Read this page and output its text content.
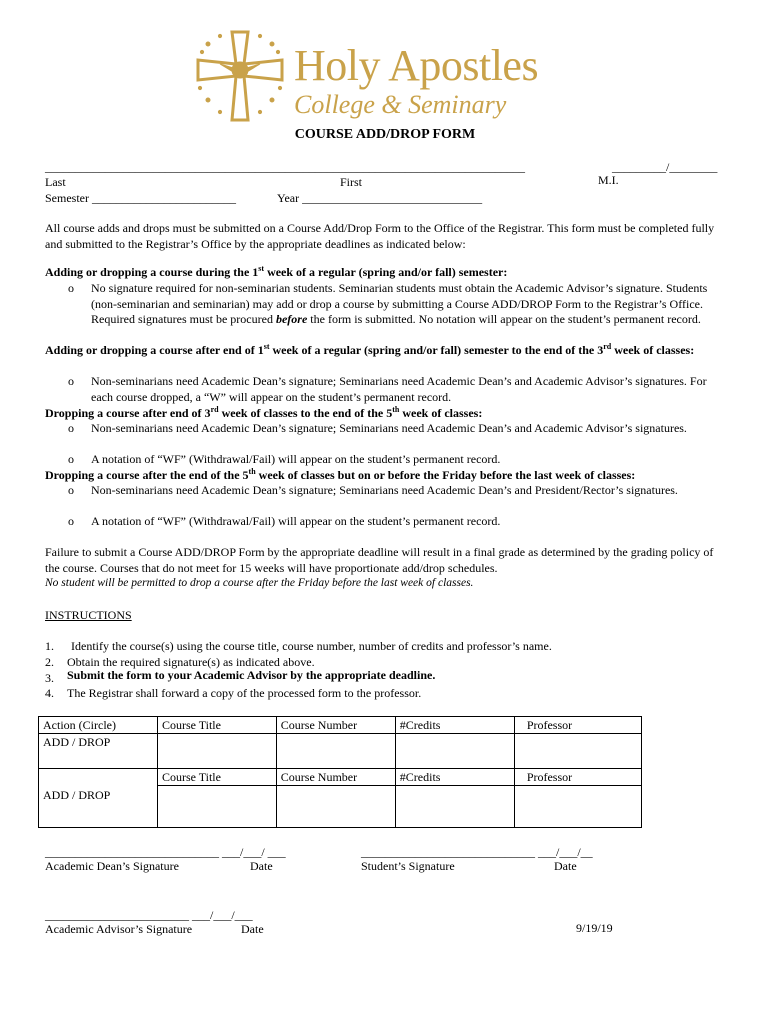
Holy Apostles
College & Seminary
COURSE ADD/DROP FORM
________________________________________________________________________________	_________/________
Last	First	M.I.
Semester ________________________	Year ______________________________
All course adds and drops must be submitted on a Course Add/Drop Form to the Office of the Registrar. This form must be completed fully and submitted to the Registrar’s Office by the appropriate deadlines as indicated below:
Adding or dropping a course during the 1st week of a regular (spring and/or fall) semester:
o No signature required for non-seminarian students. Seminarian students must obtain the Academic Advisor’s signature. Students (non-seminarian and seminarian) may add or drop a course by submitting a Course ADD/DROP Form to the Registrar’s Office. Required signatures must be procured before the form is submitted. No notation will appear on the student’s permanent record.
Adding or dropping a course after end of 1st week of a regular (spring and/or fall) semester to the end of the 3rd week of classes:
o Non-seminarians need Academic Dean’s signature; Seminarians need Academic Dean’s and Academic Advisor’s signatures. For each course dropped, a “W” will appear on the student’s permanent record.
Dropping a course after end of 3rd week of classes to the end of the 5th week of classes:
o Non-seminarians need Academic Dean’s signature; Seminarians need Academic Dean’s and Academic Advisor’s signatures.
o A notation of “WF” (Withdrawal/Fail) will appear on the student’s permanent record.
Dropping a course after the end of the 5th week of classes but on or before the Friday before the last week of classes:
o Non-seminarians need Academic Dean’s signature; Seminarians need Academic Dean’s and President/Rector’s signatures.
o A notation of “WF” (Withdrawal/Fail) will appear on the student’s permanent record.
Failure to submit a Course ADD/DROP Form by the appropriate deadline will result in a final grade as determined by the grading policy of the course. Courses that do not meet for 15 weeks will have proportionate add/drop schedules.
No student will be permitted to drop a course after the Friday before the last week of classes.
INSTRUCTIONS
1. Identify the course(s) using the course title, course number, number of credits and professor’s name.
2. Obtain the required signature(s) as indicated above.
3. Submit the form to your Academic Advisor by the appropriate deadline.
4. The Registrar shall forward a copy of the processed form to the professor.
Action (Circle)	Course Title	Course Number	#Credits	Professor
ADD / DROP				
	Course Title	Course Number	#Credits	Professor
ADD / DROP				
_____________________________ ___/___/ ___
Academic Dean’s Signature	Date
_____________________________ ___/___/__
Student’s Signature	Date
________________________ ___/___/___
Academic Advisor’s Signature	Date	9/19/19
